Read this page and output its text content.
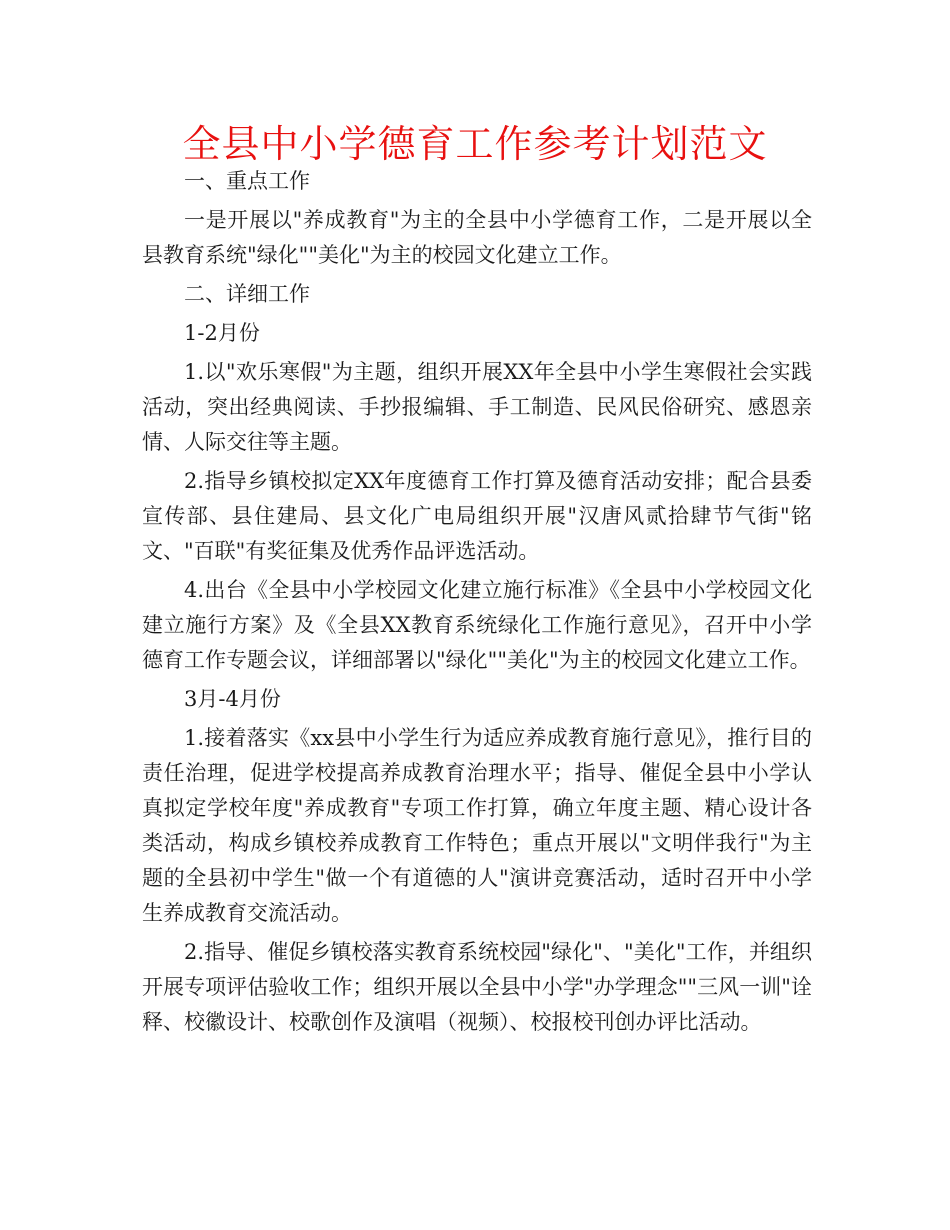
全县中小学德育工作参考计划范文

一、重点工作

一是开展以"养成教育"为主的全县中小学德育工作，二是开展以全县教育系统"绿化""美化"为主的校园文化建立工作。

二、详细工作

1-2月份

1.以"欢乐寒假"为主题，组织开展XX年全县中小学生寒假社会实践活动，突出经典阅读、手抄报编辑、手工制造、民风民俗研究、感恩亲情、人际交往等主题。

2.指导乡镇校拟定XX年度德育工作打算及德育活动安排；配合县委宣传部、县住建局、县文化广电局组织开展"汉唐风贰拾肆节气街"铭文、"百联"有奖征集及优秀作品评选活动。

4.出台《全县中小学校园文化建立施行标准》《全县中小学校园文化建立施行方案》及《全县XX教育系统绿化工作施行意见》，召开中小学德育工作专题会议，详细部署以"绿化""美化"为主的校园文化建立工作。

3月-4月份

1.接着落实《xx县中小学生行为适应养成教育施行意见》，推行目的责任治理，促进学校提高养成教育治理水平；指导、催促全县中小学认真拟定学校年度"养成教育"专项工作打算，确立年度主题、精心设计各类活动，构成乡镇校养成教育工作特色；重点开展以"文明伴我行"为主题的全县初中学生"做一个有道德的人"演讲竞赛活动，适时召开中小学生养成教育交流活动。

2.指导、催促乡镇校落实教育系统校园"绿化"、"美化"工作，并组织开展专项评估验收工作；组织开展以全县中小学"办学理念""三风一训"诠释、校徽设计、校歌创作及演唱（视频）、校报校刊创办评比活动。
